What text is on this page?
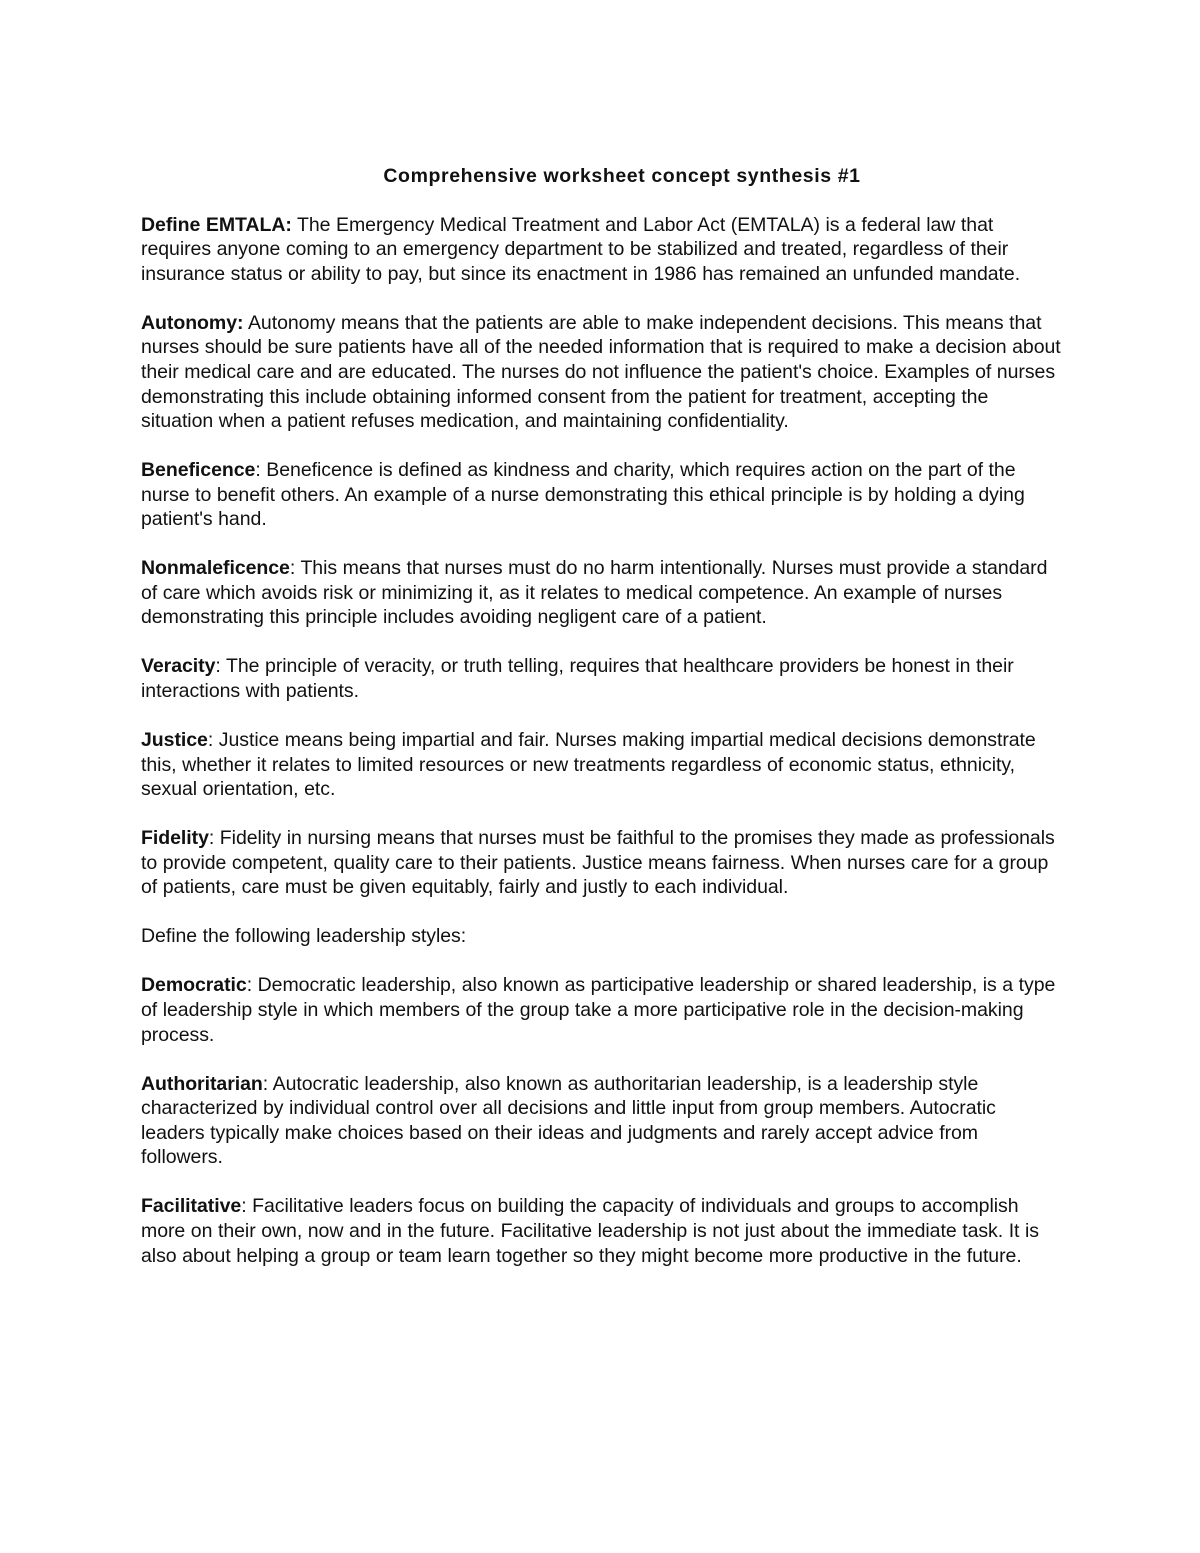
Comprehensive worksheet concept synthesis #1

Define EMTALA: The Emergency Medical Treatment and Labor Act (EMTALA) is a federal law that requires anyone coming to an emergency department to be stabilized and treated, regardless of their insurance status or ability to pay, but since its enactment in 1986 has remained an unfunded mandate.

Autonomy: Autonomy means that the patients are able to make independent decisions. This means that nurses should be sure patients have all of the needed information that is required to make a decision about their medical care and are educated. The nurses do not influence the patient's choice. Examples of nurses demonstrating this include obtaining informed consent from the patient for treatment, accepting the situation when a patient refuses medication, and maintaining confidentiality.

Beneficence: Beneficence is defined as kindness and charity, which requires action on the part of the nurse to benefit others. An example of a nurse demonstrating this ethical principle is by holding a dying patient's hand.

Nonmaleficence: This means that nurses must do no harm intentionally. Nurses must provide a standard of care which avoids risk or minimizing it, as it relates to medical competence. An example of nurses demonstrating this principle includes avoiding negligent care of a patient.

Veracity: The principle of veracity, or truth telling, requires that healthcare providers be honest in their interactions with patients.

Justice: Justice means being impartial and fair. Nurses making impartial medical decisions demonstrate this, whether it relates to limited resources or new treatments regardless of economic status, ethnicity, sexual orientation, etc.

Fidelity: Fidelity in nursing means that nurses must be faithful to the promises they made as professionals to provide competent, quality care to their patients. Justice means fairness. When nurses care for a group of patients, care must be given equitably, fairly and justly to each individual.

Define the following leadership styles:

Democratic: Democratic leadership, also known as participative leadership or shared leadership, is a type of leadership style in which members of the group take a more participative role in the decision-making process.

Authoritarian: Autocratic leadership, also known as authoritarian leadership, is a leadership style characterized by individual control over all decisions and little input from group members. Autocratic leaders typically make choices based on their ideas and judgments and rarely accept advice from followers.

Facilitative: Facilitative leaders focus on building the capacity of individuals and groups to accomplish more on their own, now and in the future. Facilitative leadership is not just about the immediate task. It is also about helping a group or team learn together so they might become more productive in the future.
